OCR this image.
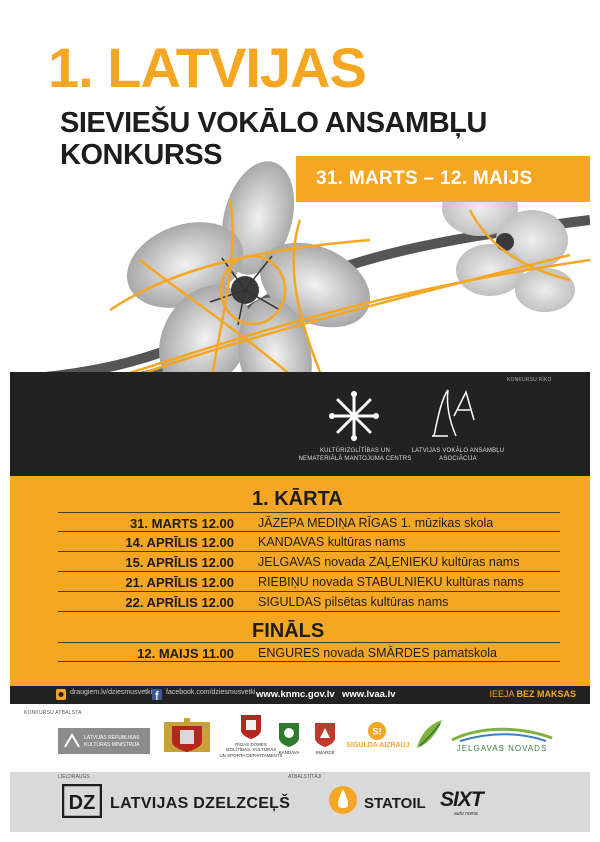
1. LATVIJAS
SIEVIEŠU VOKĀLO ANSAMBĻU
KONKURSS
31. MARTS – 12. MAIJS
KONKURSU RĪKO
KULTŪRIZGLĪTĪBAS UN
NEMATERIĀLĀ MANTOJUMA CENTRS
LATVIJAS VOKĀLO ANSAMBĻU
ASOCIĀCIJA
1. KĀRTA
31. MARTS 12.00 JĀZEPA MEDIŅA RĪGAS 1. mūzikas skola
14. APRĪLIS 12.00 KANDAVAS kultūras nams
15. APRĪLIS 12.00 JELGAVAS novada ZAĻENIEKU kultūras nams
21. APRĪLIS 12.00 RIEBIŅU novada STABULNIEKU kultūras nams
22. APRĪLIS 12.00 SIGULDAS pilsētas kultūras nams
FINĀLS
12. MAIJS 11.00 ENGURES novada SMĀRDES pamatskola
draugiem.lv/dziesmusvetki facebook.com/dziesmusvetki www.knmc.gov.lv www.lvaa.lv	IEEJA BEZ MAKSAS
KONKURSU ATBALSTA
LATVIJAS REPUBLIKAS
KULTŪRAS MINISTRIJA	RĪGAS DOMES
IZGLĪTĪBAS, KULTŪRAS
UN SPORTA DEPARTAMENTS
KANDAVA	SMĀRDE
S!
SIGULDA AIZRAUJ	JELGAVAS NOVADS
LIELDRAUGS	ATBALSTĪTĀJI
DZ LATVIJAS DZELZCEĻŠ	STATOIL SIXT
auto noma
